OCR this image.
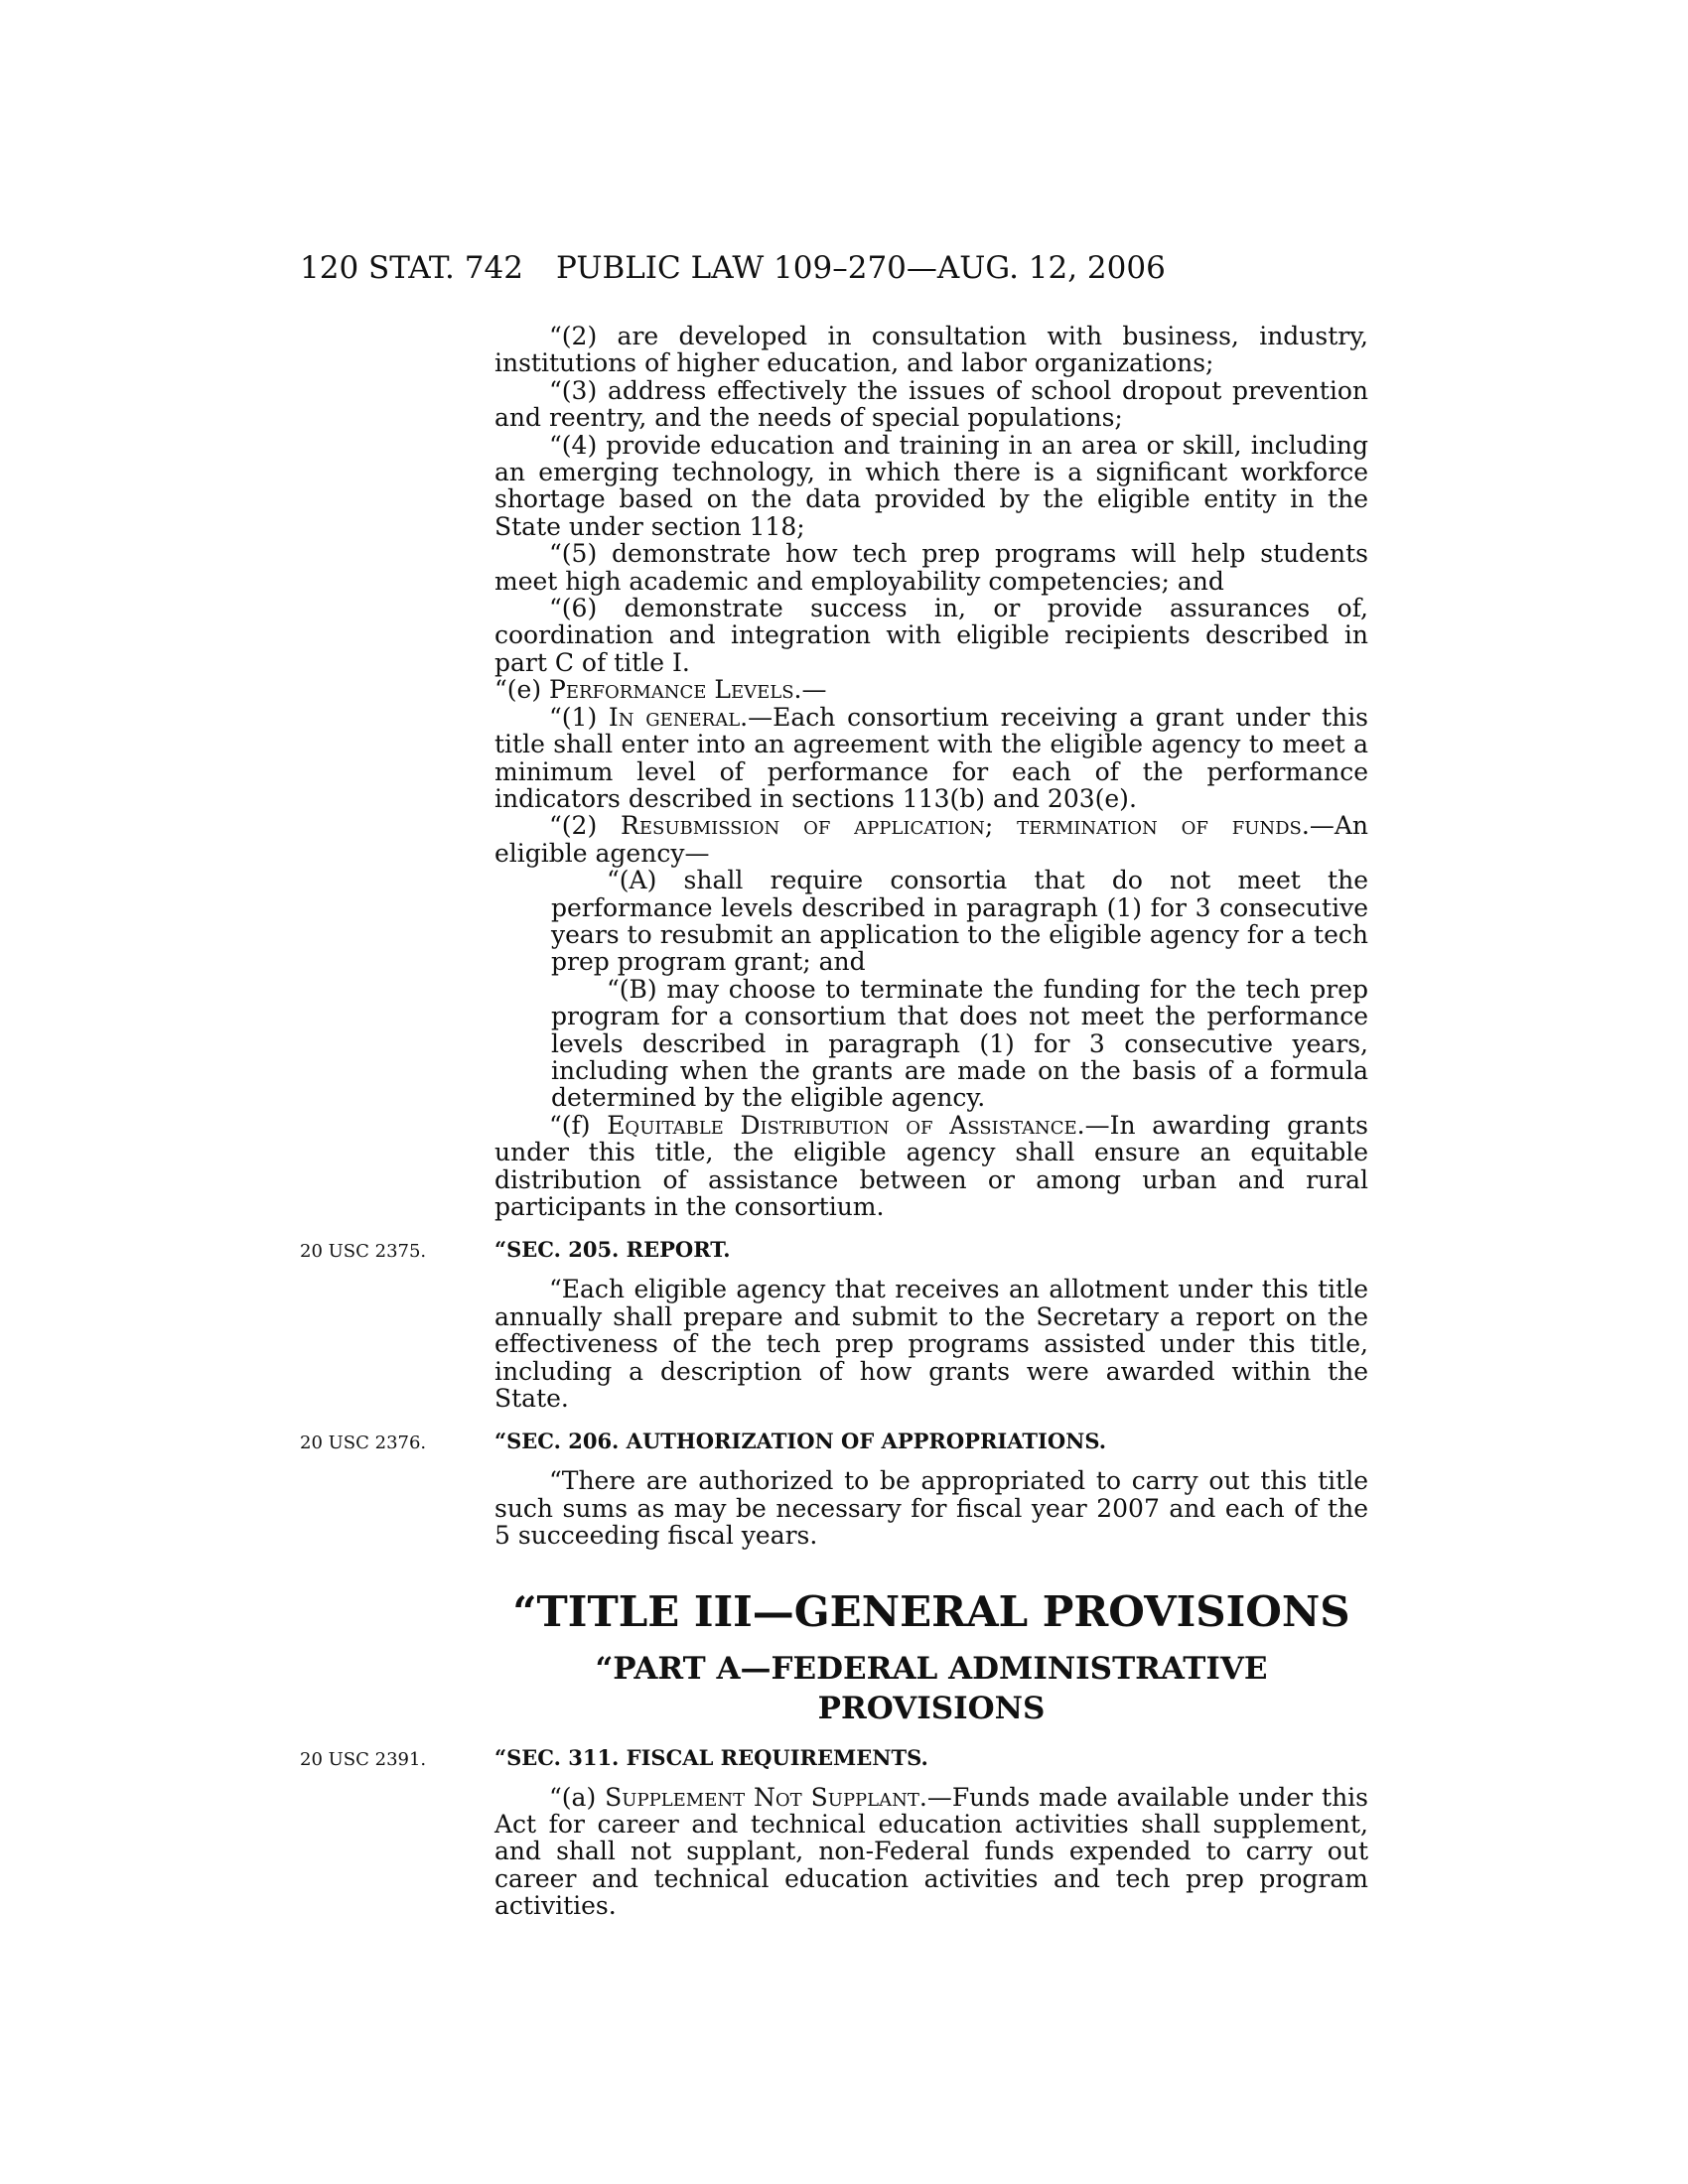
120 STAT. 742 PUBLIC LAW 109–270—AUG. 12, 2006

“(2) are developed in consultation with business, industry, institutions of higher education, and labor organizations;

“(3) address effectively the issues of school dropout prevention and reentry, and the needs of special populations;

“(4) provide education and training in an area or skill, including an emerging technology, in which there is a significant workforce shortage based on the data provided by the eligible entity in the State under section 118;

“(5) demonstrate how tech prep programs will help students meet high academic and employability competencies; and

“(6) demonstrate success in, or provide assurances of, coordination and integration with eligible recipients described in part C of title I.

“(e) Performance Levels.—

“(1) In general.—Each consortium receiving a grant under this title shall enter into an agreement with the eligible agency to meet a minimum level of performance for each of the performance indicators described in sections 113(b) and 203(e).

“(2) Resubmission of application; termination of funds.—An eligible agency—

“(A) shall require consortia that do not meet the performance levels described in paragraph (1) for 3 consecutive years to resubmit an application to the eligible agency for a tech prep program grant; and

“(B) may choose to terminate the funding for the tech prep program for a consortium that does not meet the performance levels described in paragraph (1) for 3 consecutive years, including when the grants are made on the basis of a formula determined by the eligible agency.

“(f) Equitable Distribution of Assistance.—In awarding grants under this title, the eligible agency shall ensure an equitable distribution of assistance between or among urban and rural participants in the consortium.

“SEC. 205. REPORT.
20 USC 2375.

“Each eligible agency that receives an allotment under this title annually shall prepare and submit to the Secretary a report on the effectiveness of the tech prep programs assisted under this title, including a description of how grants were awarded within the State.

“SEC. 206. AUTHORIZATION OF APPROPRIATIONS.
20 USC 2376.

“There are authorized to be appropriated to carry out this title such sums as may be necessary for fiscal year 2007 and each of the 5 succeeding fiscal years.

“TITLE III—GENERAL PROVISIONS
“PART A—FEDERAL ADMINISTRATIVE PROVISIONS
“SEC. 311. FISCAL REQUIREMENTS.
20 USC 2391.

“(a) Supplement Not Supplant.—Funds made available under this Act for career and technical education activities shall supplement, and shall not supplant, non-Federal funds expended to carry out career and technical education activities and tech prep program activities.
